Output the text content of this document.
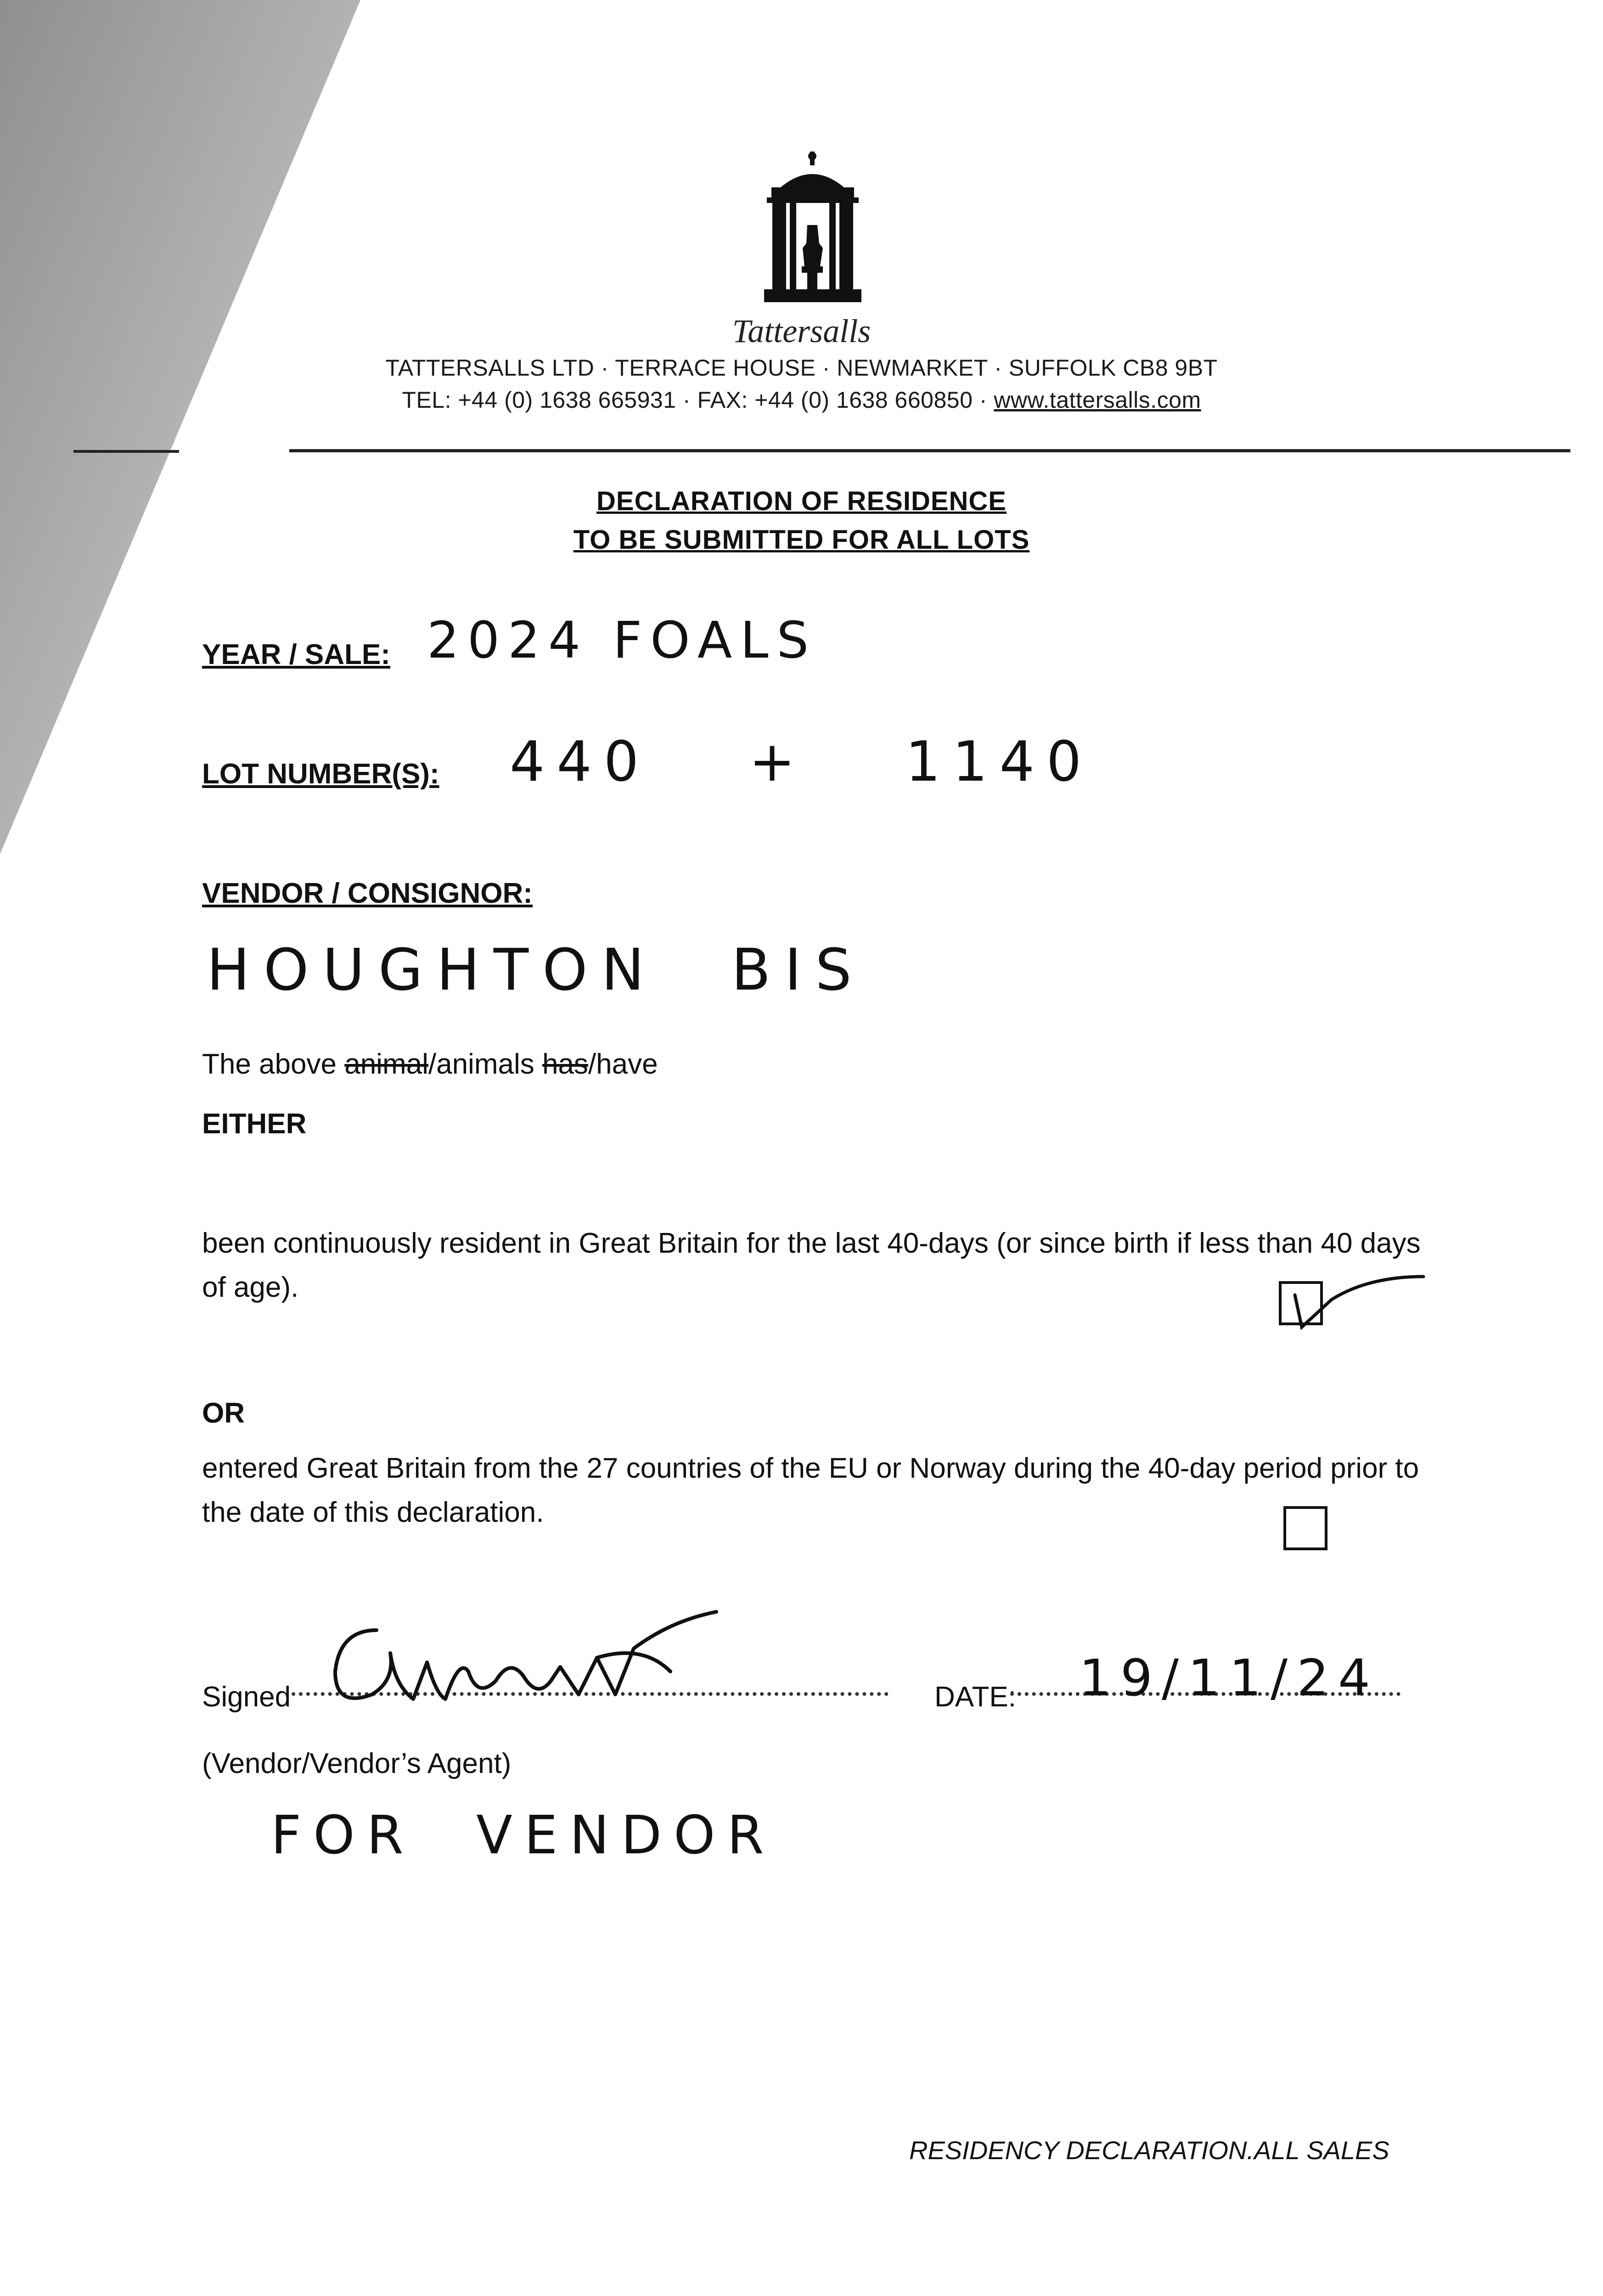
Tattersalls
TATTERSALLS LTD · TERRACE HOUSE · NEWMARKET · SUFFOLK CB8 9BT
TEL: +44 (0) 1638 665931 · FAX: +44 (0) 1638 660850 · www.tattersalls.com
DECLARATION OF RESIDENCE
TO BE SUBMITTED FOR ALL LOTS
YEAR / SALE: 2024 FOALS
LOT NUMBER(S): 440 + 1140
VENDOR / CONSIGNOR:
HOUGHTON BIS
The above animal/animals has/have
EITHER
been continuously resident in Great Britain for the last 40-days (or since birth if less than 40 days of age).
OR
entered Great Britain from the 27 countries of the EU or Norway during the 40-day period prior to the date of this declaration.
Signed	DATE: 19/11/24
(Vendor/Vendor’s Agent)
FOR VENDOR
RESIDENCY DECLARATION.ALL SALES
